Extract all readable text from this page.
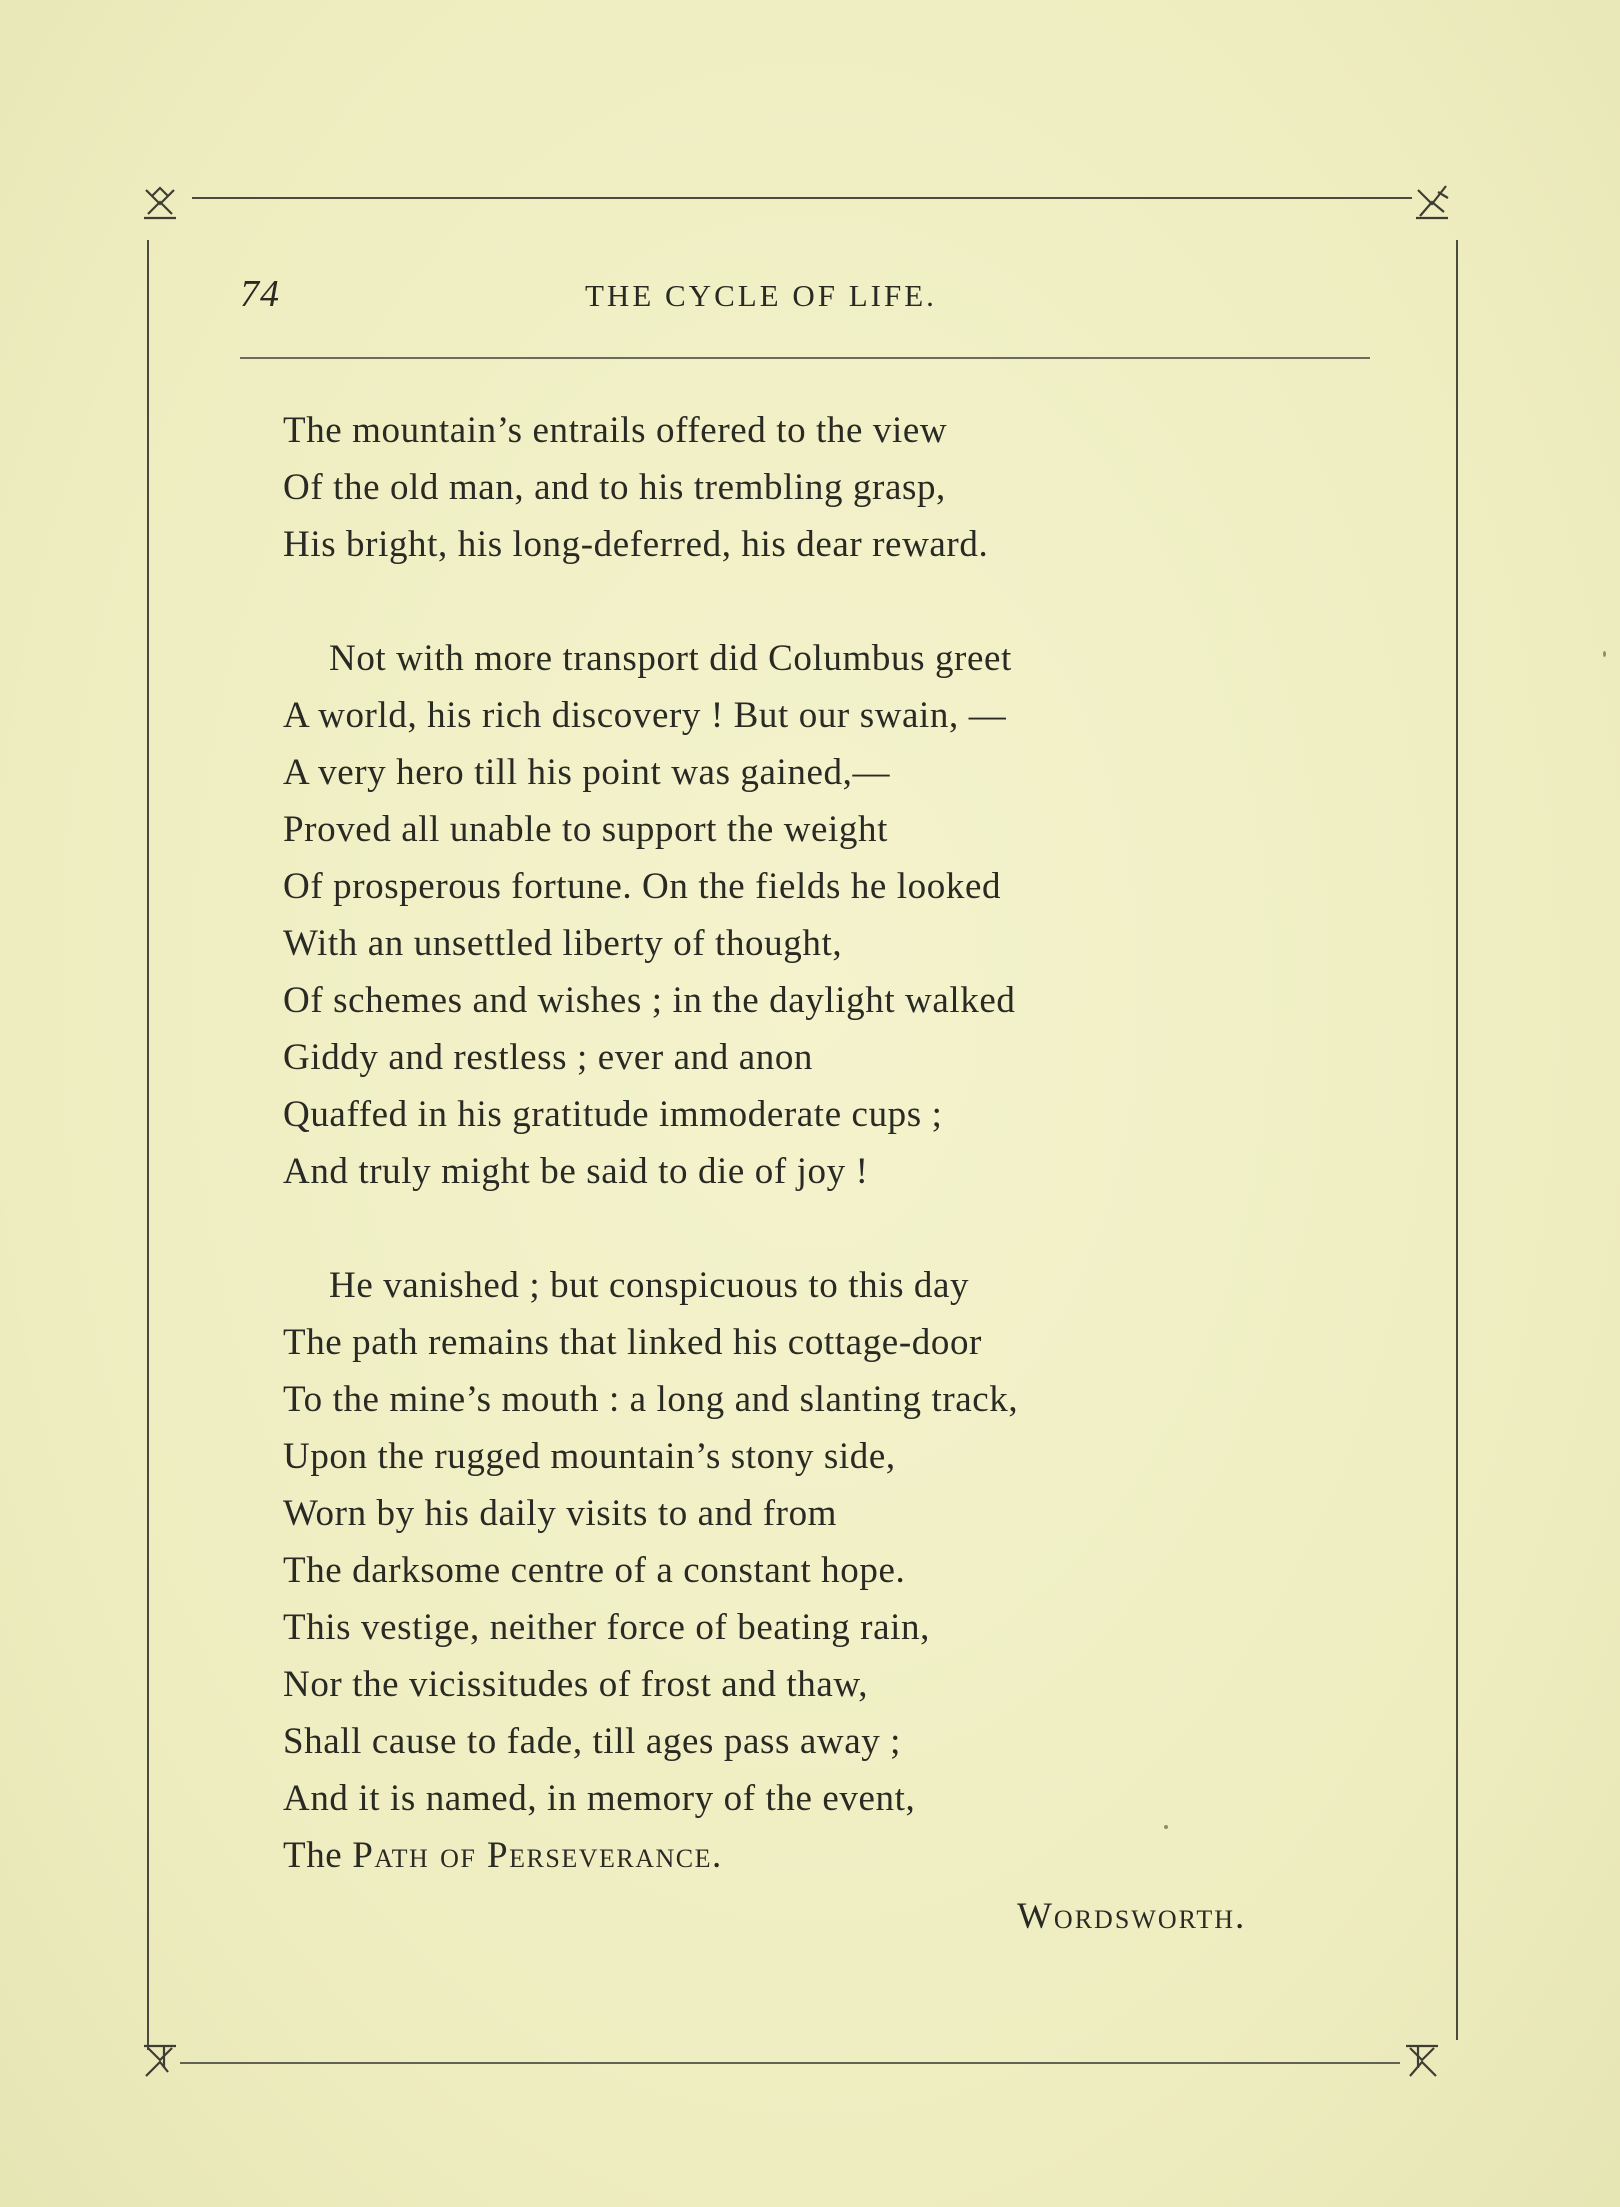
74	THE CYCLE OF LIFE.
The mountain’s entrails offered to the view
Of the old man, and to his trembling grasp,
His bright, his long-deferred, his dear reward.
Not with more transport did Columbus greet
A world, his rich discovery ! But our swain, —
A very hero till his point was gained,—
Proved all unable to support the weight
Of prosperous fortune. On the fields he looked
With an unsettled liberty of thought,
Of schemes and wishes ; in the daylight walked
Giddy and restless ; ever and anon
Quaffed in his gratitude immoderate cups ;
And truly might be said to die of joy !
He vanished ; but conspicuous to this day
The path remains that linked his cottage-door
To the mine’s mouth : a long and slanting track,
Upon the rugged mountain’s stony side,
Worn by his daily visits to and from
The darksome centre of a constant hope.
This vestige, neither force of beating rain,
Nor the vicissitudes of frost and thaw,
Shall cause to fade, till ages pass away ;
And it is named, in memory of the event,
The Path of Perseverance.
Wordsworth.
